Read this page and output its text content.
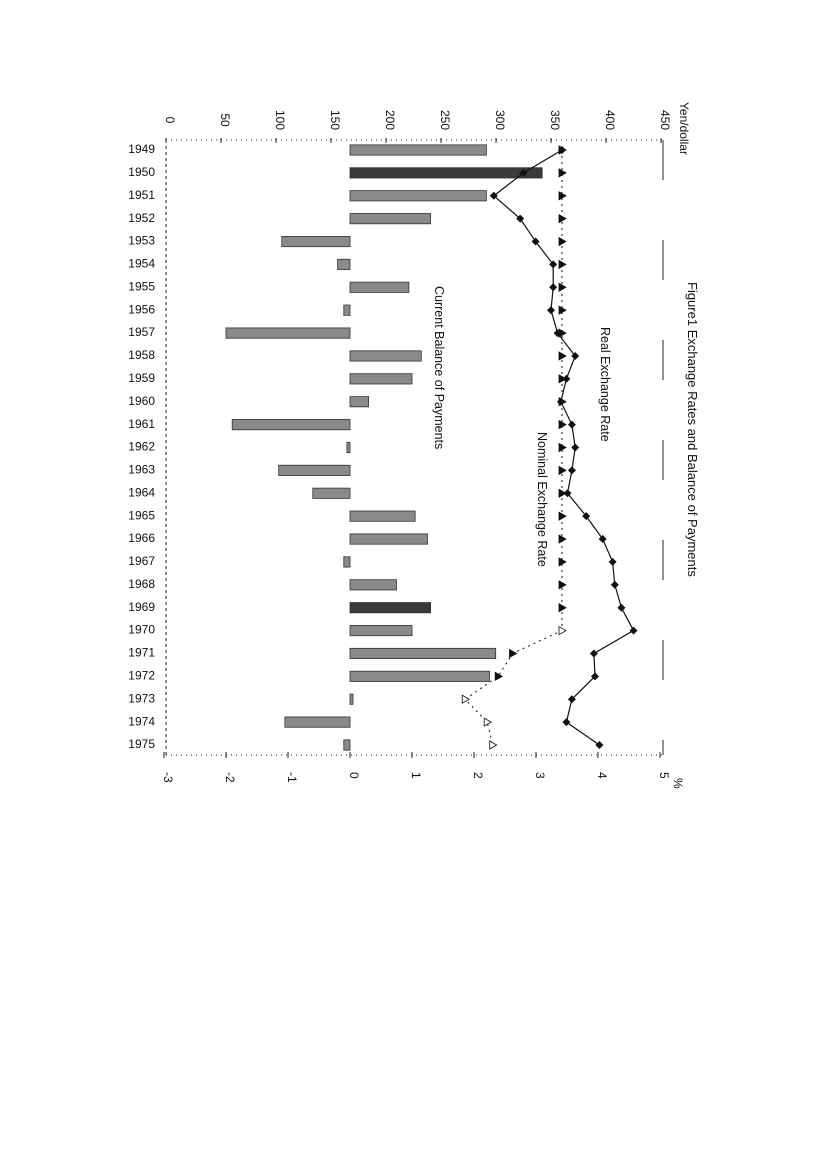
0	50	100	150	200	250	300	350	400	450 Yen/dollar
-3	-2	-1	0	1	2	3	4	5
%
1949
1950
1951
1952
1953
1954
1955
1956
1957
1958
1959
1960
1961
1962
1963
1964
1965
1966
1967
1968
1969
1970
1971
1972
1973
1974
1975
Figure1 Exchange Rates and Balance of Payments
Real Exchange Rate
Nominal Exchange Rate
Current Balance of Payments
